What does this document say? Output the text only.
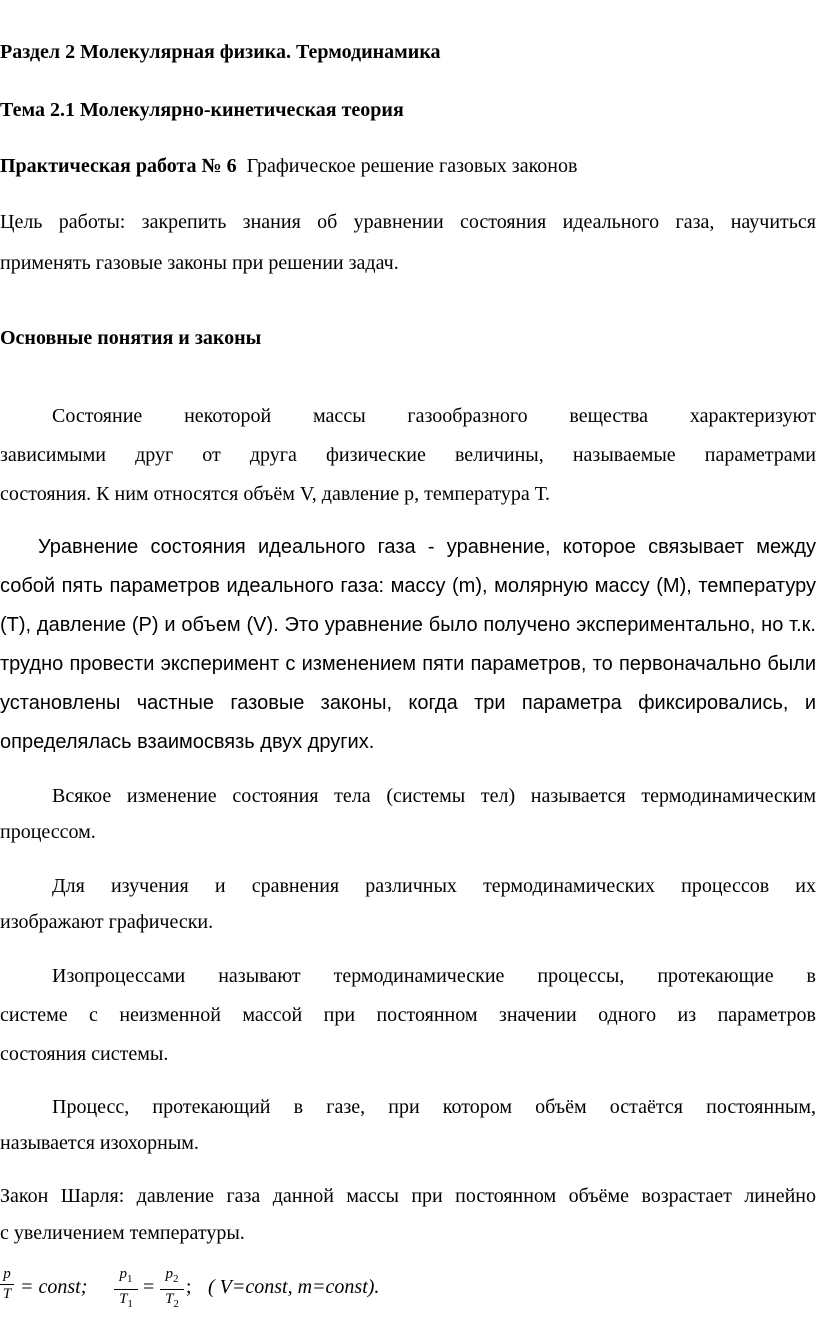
Раздел 2 Молекулярная физика. Термодинамика
Тема 2.1 Молекулярно-кинетическая теория
Практическая работа № 6 Графическое решение газовых законов
Цель работы: закрепить знания об уравнении состояния идеального газа, научиться
применять газовые законы при решении задач.
Основные понятия и законы
Состояние некоторой массы газообразного вещества характеризуют
зависимыми друг от друга физические величины, называемые параметрами
состояния. К ним относятся объём V, давление р, температура Т.
Уравнение состояния идеального газа - уравнение, которое связывает между
собой пять параметров идеального газа: массу (m), молярную массу (M), температуру
(T), давление (P) и объем (V). Это уравнение было получено экспериментально, но т.к.
трудно провести эксперимент с изменением пяти параметров, то первоначально были
установлены частные газовые законы, когда три параметра фиксировались, и
определялась взаимосвязь двух других.
Всякое изменение состояния тела (системы тел) называется термодинамическим
процессом.
Для изучения и сравнения различных термодинамических процессов их
изображают графически.
Изопроцессами называют термодинамические процессы, протекающие в
системе с неизменной массой при постоянном значении одного из параметров
состояния системы.
Процесс, протекающий в газе, при котором объём остаётся постоянным,
называется изохорным.
Закон Шарля: давление газа данной массы при постоянном объёме возрастает линейно
с увеличением температуры.
p
T = const;
$p_1$
$T_1$
=
$p_2$
$T_2$
; ( V=const, m=const).
